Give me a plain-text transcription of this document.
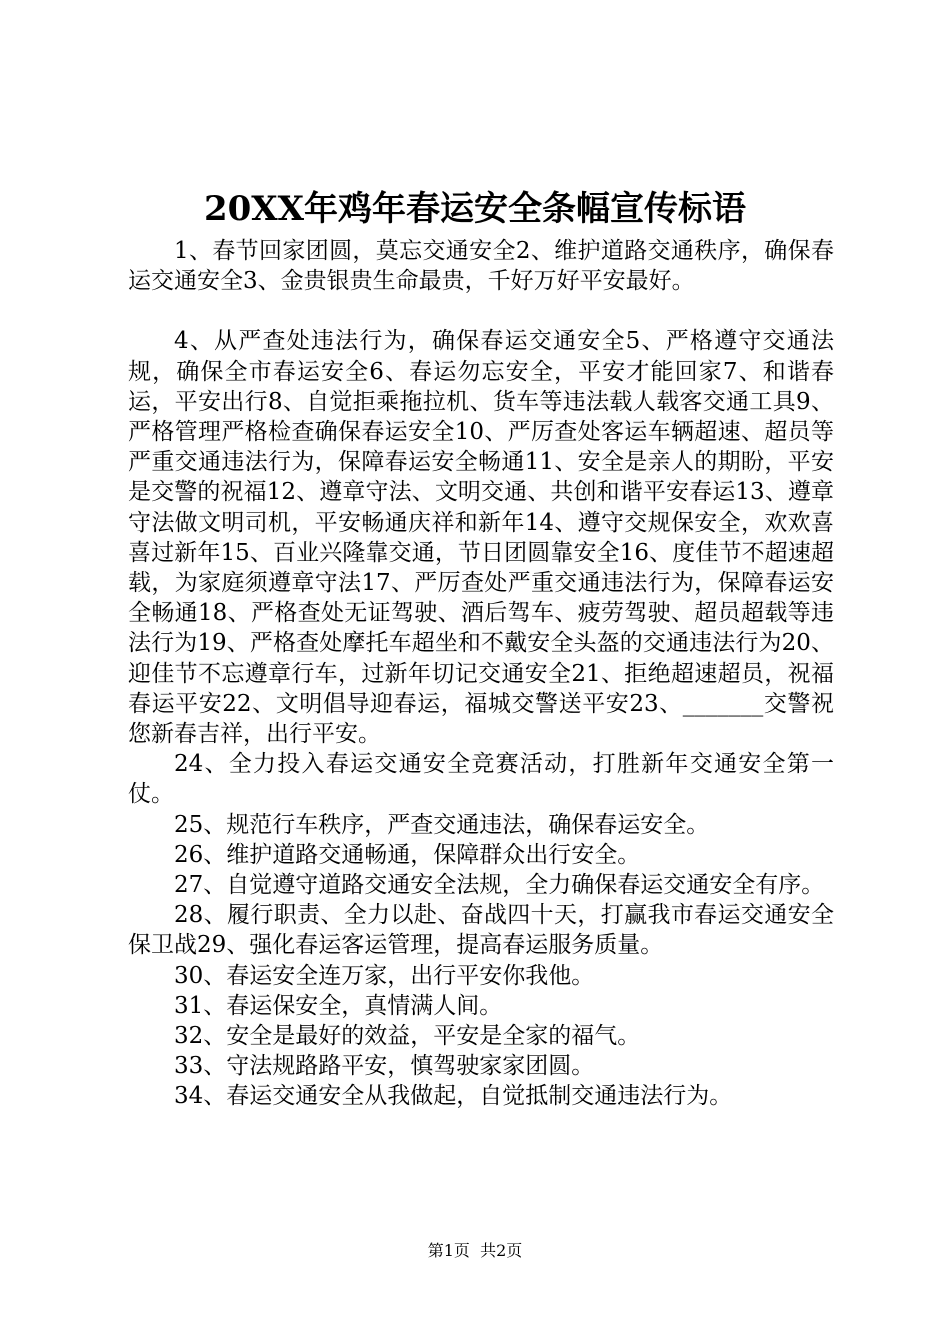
20XX年鸡年春运安全条幅宣传标语

1、春节回家团圆，莫忘交通安全2、维护道路交通秩序，确保春运交通安全3、金贵银贵生命最贵，千好万好平安最好。

4、从严查处违法行为，确保春运交通安全5、严格遵守交通法规，确保全市春运安全6、春运勿忘安全，平安才能回家7、和谐春运，平安出行8、自觉拒乘拖拉机、货车等违法载人载客交通工具9、严格管理严格检查确保春运安全10、严厉查处客运车辆超速、超员等严重交通违法行为，保障春运安全畅通11、安全是亲人的期盼，平安是交警的祝福12、遵章守法、文明交通、共创和谐平安春运13、遵章守法做文明司机，平安畅通庆祥和新年14、遵守交规保安全，欢欢喜喜过新年15、百业兴隆靠交通，节日团圆靠安全16、度佳节不超速超载，为家庭须遵章守法17、严厉查处严重交通违法行为，保障春运安全畅通18、严格查处无证驾驶、酒后驾车、疲劳驾驶、超员超载等违法行为19、严格查处摩托车超坐和不戴安全头盔的交通违法行为20、迎佳节不忘遵章行车，过新年切记交通安全21、拒绝超速超员，祝福春运平安22、文明倡导迎春运，福城交警送平安23、_______交警祝您新春吉祥，出行平安。

24、全力投入春运交通安全竞赛活动，打胜新年交通安全第一仗。

25、规范行车秩序，严查交通违法，确保春运安全。

26、维护道路交通畅通，保障群众出行安全。

27、自觉遵守道路交通安全法规，全力确保春运交通安全有序。

28、履行职责、全力以赴、奋战四十天，打赢我市春运交通安全保卫战29、强化春运客运管理，提高春运服务质量。

30、春运安全连万家，出行平安你我他。

31、春运保安全，真情满人间。

32、安全是最好的效益，平安是全家的福气。

33、守法规路路平安，慎驾驶家家团圆。

34、春运交通安全从我做起，自觉抵制交通违法行为。

第1页 共2页
